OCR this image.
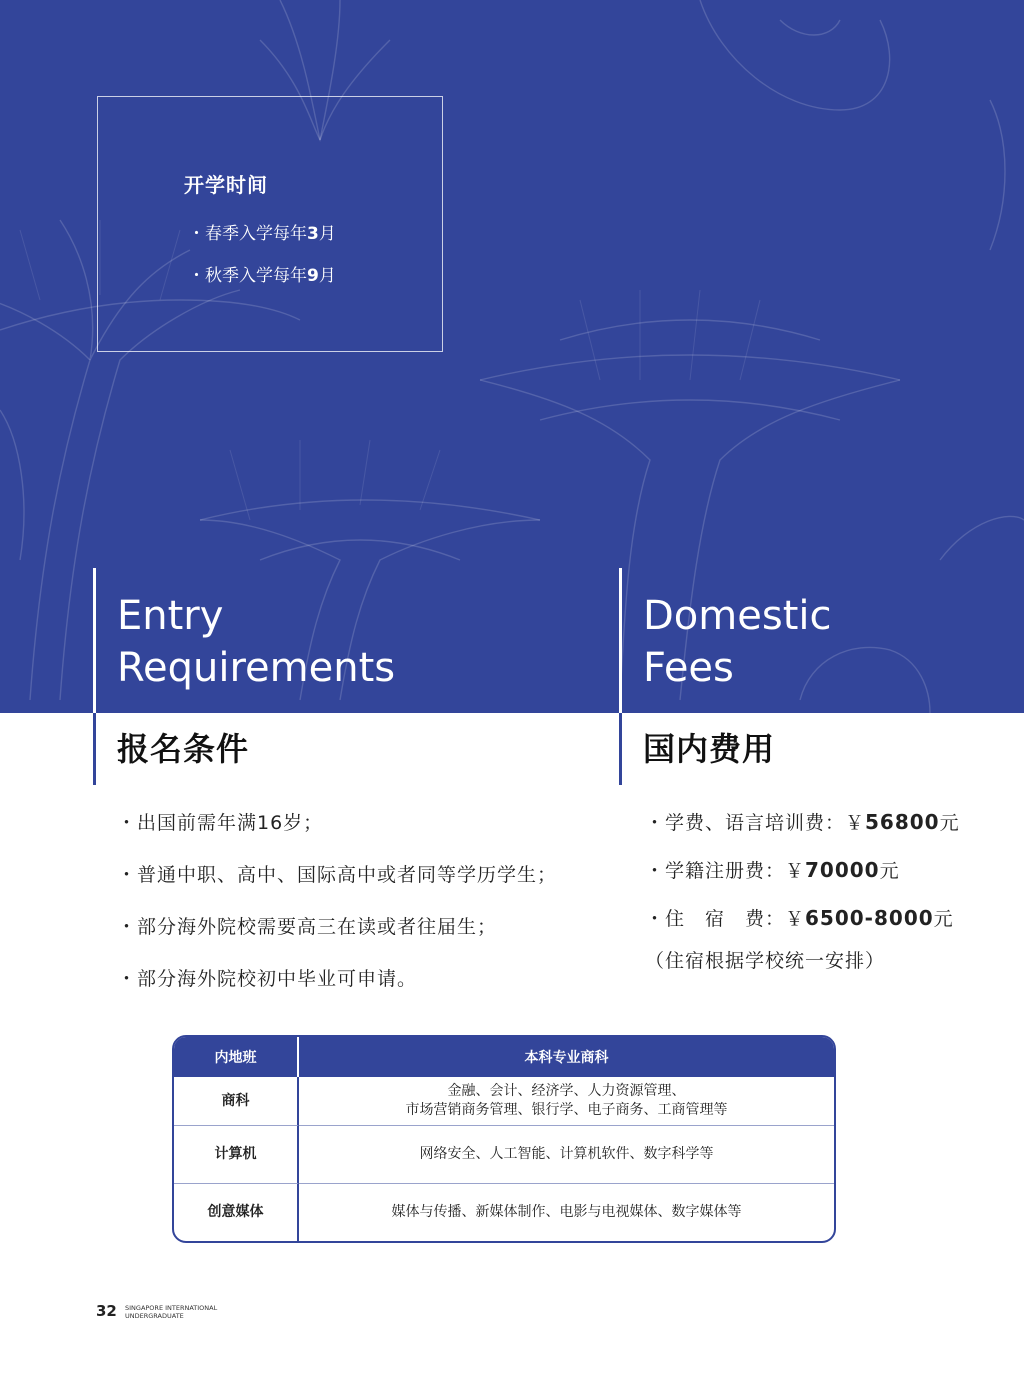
开学时间
・春季入学每年3月
・秋季入学每年9月
Entry
Requirements
Domestic
Fees
报名条件	国内费用
・出国前需年满16岁；
・普通中职、高中、国际高中或者同等学历学生；
・部分海外院校需要高三在读或者往届生；
・部分海外院校初中毕业可申请。
・学费、语言培训费：￥56800元
・学籍注册费：￥70000元
・住　宿　费：￥6500-8000元
（住宿根据学校统一安排）
内地班	本科专业商科
商科	金融、会计、经济学、人力资源管理、
市场营销商务管理、银行学、电子商务、工商管理等

计算机	网络安全、人工智能、计算机软件、数字科学等

创意媒体	媒体与传播、新媒体制作、电影与电视媒体、数字媒体等
32 SINGAPORE INTERNATIONAL
UNDERGRADUATE
